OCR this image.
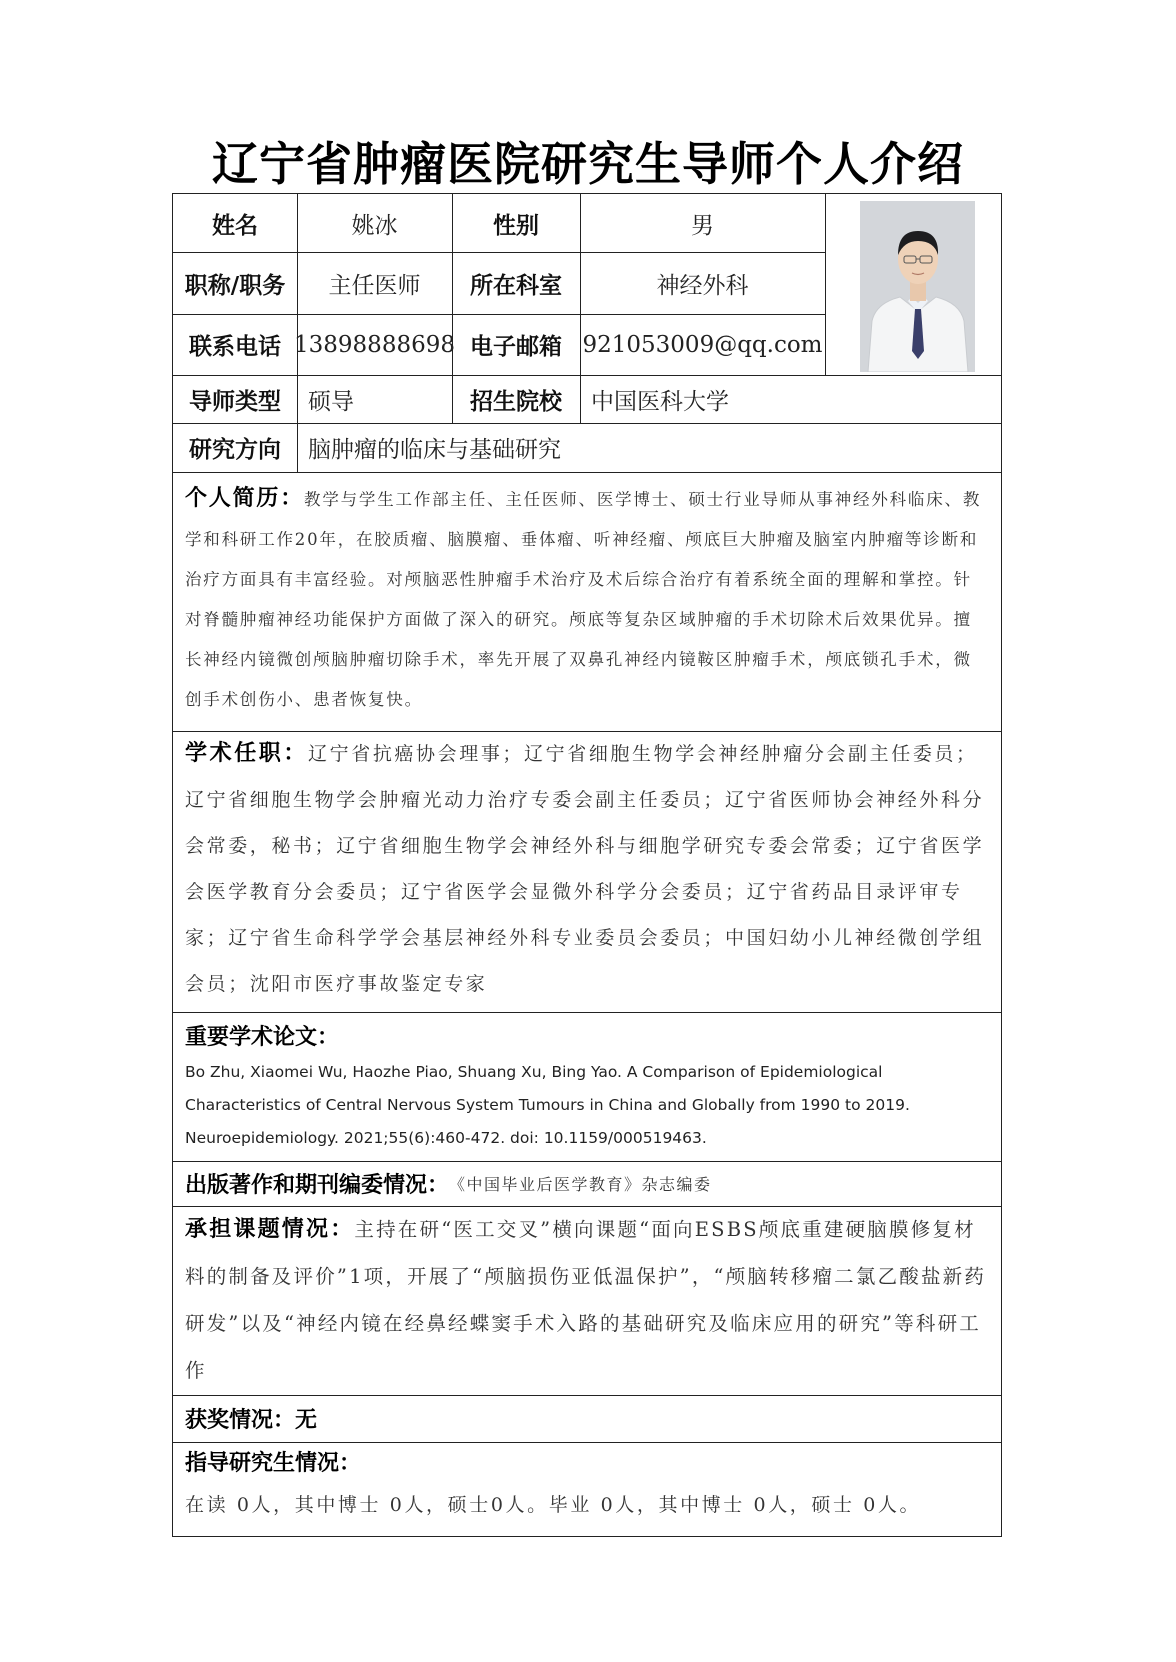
辽宁省肿瘤医院研究生导师个人介绍
姓名	姚冰	性别	男
职称/职务	主任医师	所在科室	神经外科
联系电话 13898888698 电子邮箱 921053009@qq.com
导师类型	硕导	招生院校	中国医科大学
研究方向	脑肿瘤的临床与基础研究
个人简历：教学与学生工作部主任、主任医师、医学博士、硕士行业导师从事神经外科临床、教学和科研工作20年，在胶质瘤、脑膜瘤、垂体瘤、听神经瘤、颅底巨大肿瘤及脑室内肿瘤等诊断和治疗方面具有丰富经验。对颅脑恶性肿瘤手术治疗及术后综合治疗有着系统全面的理解和掌控。针对脊髓肿瘤神经功能保护方面做了深入的研究。颅底等复杂区域肿瘤的手术切除术后效果优异。擅长神经内镜微创颅脑肿瘤切除手术，率先开展了双鼻孔神经内镜鞍区肿瘤手术，颅底锁孔手术，微创手术创伤小、患者恢复快。
学术任职：辽宁省抗癌协会理事；辽宁省细胞生物学会神经肿瘤分会副主任委员；辽宁省细胞生物学会肿瘤光动力治疗专委会副主任委员；辽宁省医师协会神经外科分会常委，秘书；辽宁省细胞生物学会神经外科与细胞学研究专委会常委；辽宁省医学会医学教育分会委员；辽宁省医学会显微外科学分会委员；辽宁省药品目录评审专家；辽宁省生命科学学会基层神经外科专业委员会委员；中国妇幼小儿神经微创学组会员；沈阳市医疗事故鉴定专家
重要学术论文：
Bo Zhu, Xiaomei Wu, Haozhe Piao, Shuang Xu, Bing Yao. A Comparison of Epidemiological Characteristics of Central Nervous System Tumours in China and Globally from 1990 to 2019. Neuroepidemiology. 2021;55(6):460-472. doi: 10.1159/000519463.
出版著作和期刊编委情况： 《中国毕业后医学教育》杂志编委
承担课题情况：主持在研“医工交叉”横向课题“面向ESBS颅底重建硬脑膜修复材料的制备及评价”1项，开展了“颅脑损伤亚低温保护”，“颅脑转移瘤二氯乙酸盐新药研发”以及“神经内镜在经鼻经蝶窦手术入路的基础研究及临床应用的研究”等科研工作
获奖情况： 无
指导研究生情况：
在读 0人，其中博士 0人，硕士0人。毕业 0人，其中博士 0人，硕士 0人。
